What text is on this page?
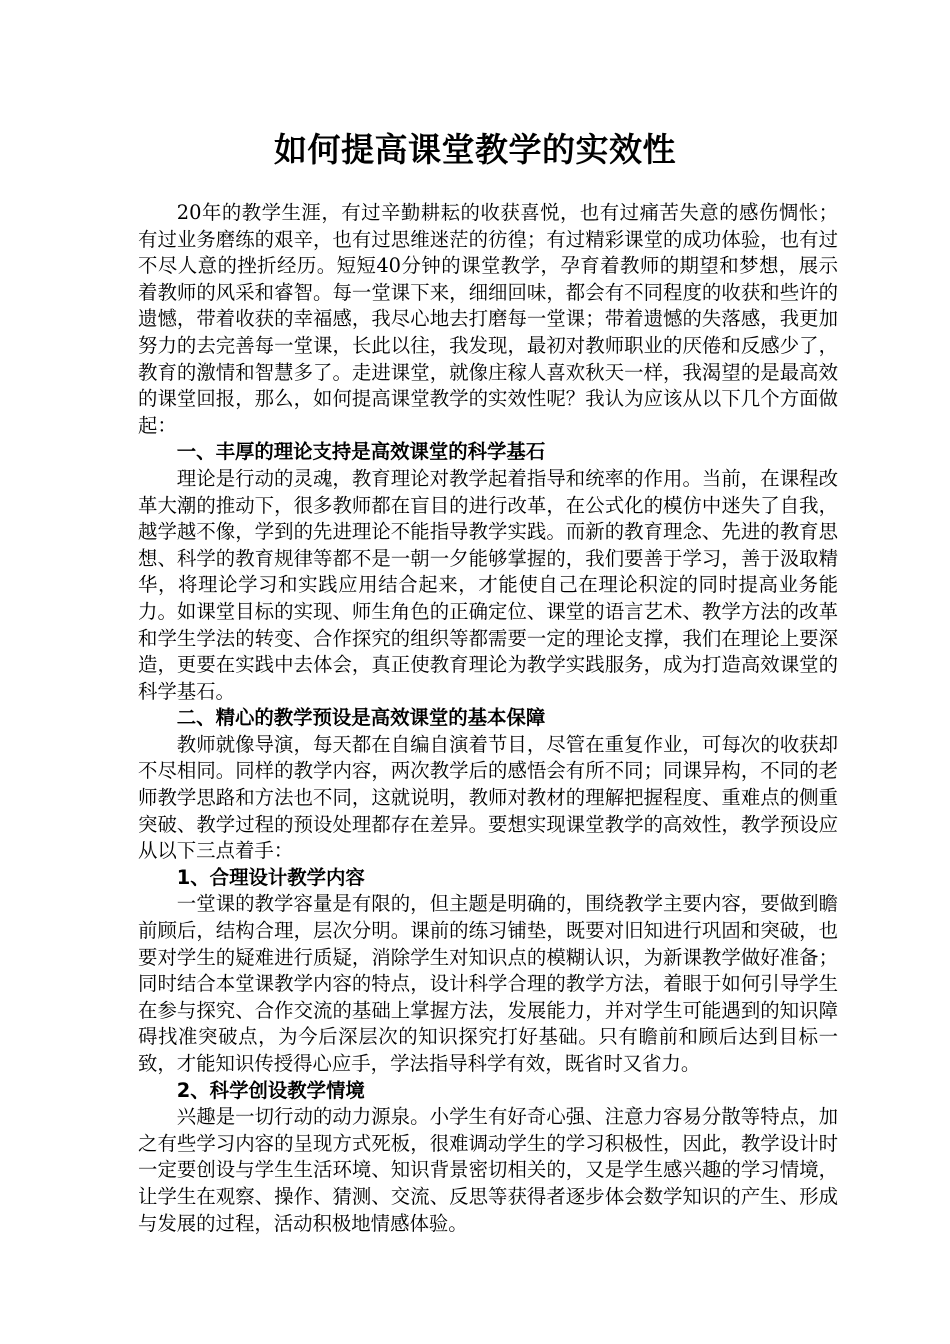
如何提高课堂教学的实效性

20年的教学生涯，有过辛勤耕耘的收获喜悦，也有过痛苦失意的感伤惆怅；有过业务磨练的艰辛，也有过思维迷茫的彷徨；有过精彩课堂的成功体验，也有过不尽人意的挫折经历。短短40分钟的课堂教学，孕育着教师的期望和梦想，展示着教师的风采和睿智。每一堂课下来，细细回味，都会有不同程度的收获和些许的遗憾，带着收获的幸福感，我尽心地去打磨每一堂课；带着遗憾的失落感，我更加努力的去完善每一堂课，长此以往，我发现，最初对教师职业的厌倦和反感少了，教育的激情和智慧多了。走进课堂，就像庄稼人喜欢秋天一样，我渴望的是最高效的课堂回报，那么，如何提高课堂教学的实效性呢？我认为应该从以下几个方面做起：

一、丰厚的理论支持是高效课堂的科学基石

理论是行动的灵魂，教育理论对教学起着指导和统率的作用。当前，在课程改革大潮的推动下，很多教师都在盲目的进行改革，在公式化的模仿中迷失了自我，越学越不像，学到的先进理论不能指导教学实践。而新的教育理念、先进的教育思想、科学的教育规律等都不是一朝一夕能够掌握的，我们要善于学习，善于汲取精华，将理论学习和实践应用结合起来，才能使自己在理论积淀的同时提高业务能力。如课堂目标的实现、师生角色的正确定位、课堂的语言艺术、教学方法的改革和学生学法的转变、合作探究的组织等都需要一定的理论支撑，我们在理论上要深造，更要在实践中去体会，真正使教育理论为教学实践服务，成为打造高效课堂的科学基石。

二、精心的教学预设是高效课堂的基本保障

教师就像导演，每天都在自编自演着节目，尽管在重复作业，可每次的收获却不尽相同。同样的教学内容，两次教学后的感悟会有所不同；同课异构，不同的老师教学思路和方法也不同，这就说明，教师对教材的理解把握程度、重难点的侧重突破、教学过程的预设处理都存在差异。要想实现课堂教学的高效性，教学预设应从以下三点着手：

1、合理设计教学内容

一堂课的教学容量是有限的，但主题是明确的，围绕教学主要内容，要做到瞻前顾后，结构合理，层次分明。课前的练习铺垫，既要对旧知进行巩固和突破，也要对学生的疑难进行质疑，消除学生对知识点的模糊认识，为新课教学做好准备；同时结合本堂课教学内容的特点，设计科学合理的教学方法，着眼于如何引导学生在参与探究、合作交流的基础上掌握方法，发展能力，并对学生可能遇到的知识障碍找准突破点，为今后深层次的知识探究打好基础。只有瞻前和顾后达到目标一致，才能知识传授得心应手，学法指导科学有效，既省时又省力。

2、科学创设教学情境

兴趣是一切行动的动力源泉。小学生有好奇心强、注意力容易分散等特点，加之有些学习内容的呈现方式死板，很难调动学生的学习积极性，因此，教学设计时一定要创设与学生生活环境、知识背景密切相关的，又是学生感兴趣的学习情境，让学生在观察、操作、猜测、交流、反思等获得者逐步体会数学知识的产生、形成与发展的过程，活动积极地情感体验。
